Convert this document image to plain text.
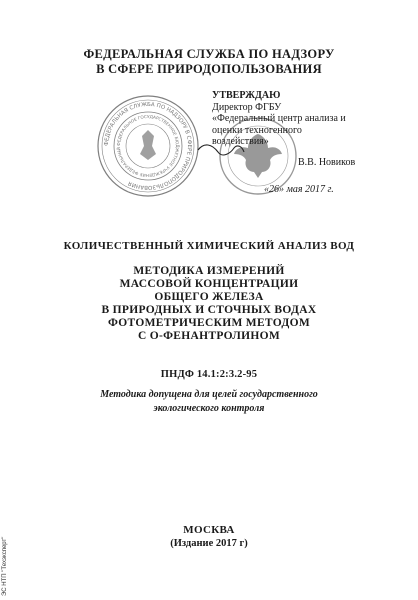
ФЕДЕРАЛЬНАЯ СЛУЖБА ПО НАДЗОРУ
В СФЕРЕ ПРИРОДОПОЛЬЗОВАНИЯ
ФЕДЕРАЛЬНАЯ СЛУЖБА ПО НАДЗОРУ В СФЕРЕ ПРИРОДОПОЛЬЗОВАНИЯ
ФЕДЕРАЛЬНОЕ ГОСУДАРСТВЕННОЕ БЮДЖЕТНОЕ УЧРЕЖДЕНИЕ ФЕДЕРАЛЬНЫЙ
УТВЕРЖДАЮ
Директор ФГБУ
«Федеральный центр анализа и
оценки техногенного
воздействия»
В.В. Новиков
«26» мая 2017 г.
КОЛИЧЕСТВЕННЫЙ ХИМИЧЕСКИЙ АНАЛИЗ ВОД
МЕТОДИКА ИЗМЕРЕНИЙ
МАССОВОЙ КОНЦЕНТРАЦИИ
ОБЩЕГО ЖЕЛЕЗА
В ПРИРОДНЫХ И СТОЧНЫХ ВОДАХ
ФОТОМЕТРИЧЕСКИМ МЕТОДОМ
С О-ФЕНАНТРОЛИНОМ
ПНДФ 14.1:2:3.2-95
Методика допущена для целей государственного
экологического контроля
МОСКВА
(Издание 2017 г)
ЭС НТП "Техэксперт"
